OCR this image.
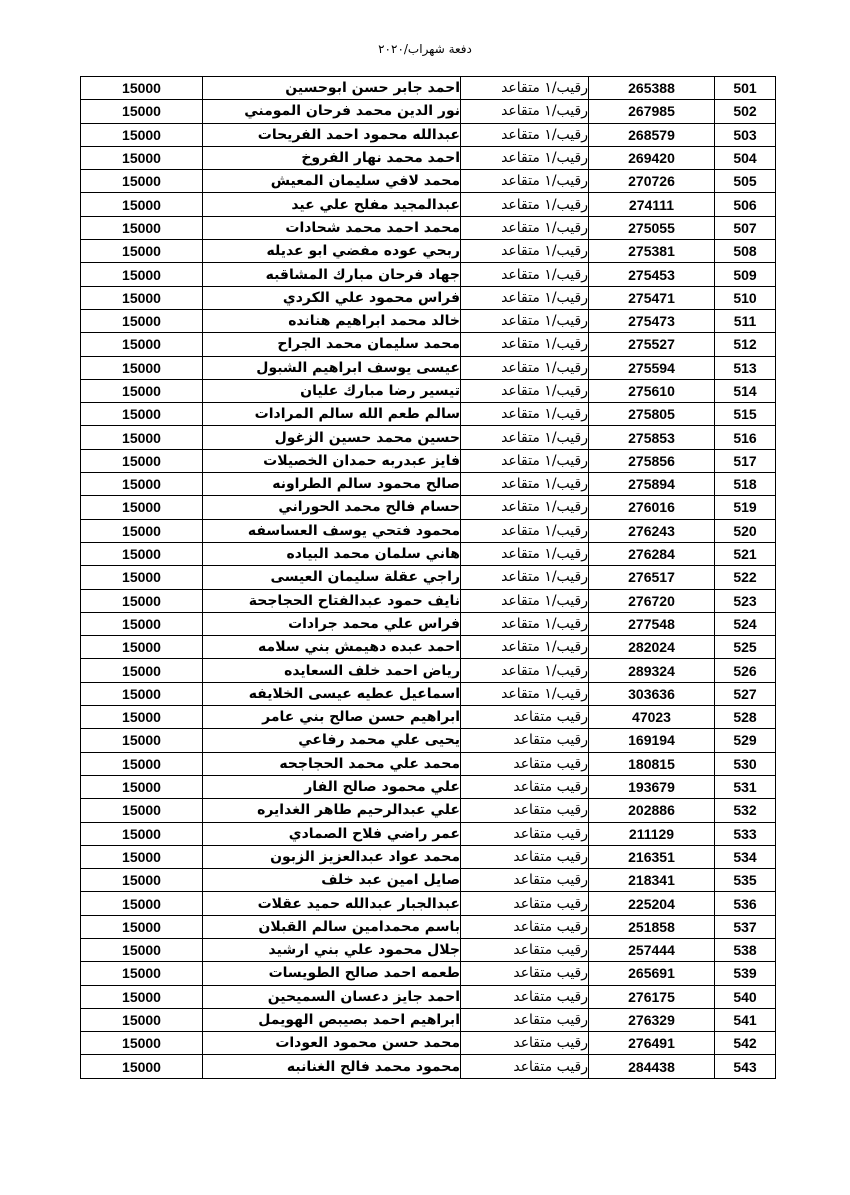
دفعة شهراب/٢٠٢٠
15000	احمد جابر حسن ابوحسين	رقيب/١ متقاعد	265388	501
15000	نور الدين محمد فرحان المومني	رقيب/١ متقاعد	267985	502
15000	عبدالله محمود احمد الفريحات	رقيب/١ متقاعد	268579	503
15000	احمد محمد نهار الفروخ	رقيب/١ متقاعد	269420	504
15000	محمد لافي سليمان المعيش	رقيب/١ متقاعد	270726	505
15000	عبدالمجيد مفلح علي عيد	رقيب/١ متقاعد	274111	506
15000	محمد احمد محمد شحادات	رقيب/١ متقاعد	275055	507
15000	ربحي عوده مفضي ابو عديله	رقيب/١ متقاعد	275381	508
15000	جهاد فرحان مبارك المشاقبه	رقيب/١ متقاعد	275453	509
15000	فراس محمود علي الكردي	رقيب/١ متقاعد	275471	510
15000	خالد محمد ابراهيم هنانده	رقيب/١ متقاعد	275473	511
15000	محمد سليمان محمد الجراح	رقيب/١ متقاعد	275527	512
15000	عيسى يوسف ابراهيم الشبول	رقيب/١ متقاعد	275594	513
15000	تيسير رضا مبارك عليان	رقيب/١ متقاعد	275610	514
15000	سالم طعم الله سالم المرادات	رقيب/١ متقاعد	275805	515
15000	حسين محمد حسين الزغول	رقيب/١ متقاعد	275853	516
15000	فايز عبدربه حمدان الخصيلات	رقيب/١ متقاعد	275856	517
15000	صالح محمود سالم الطراونه	رقيب/١ متقاعد	275894	518
15000	حسام فالح محمد الحوراني	رقيب/١ متقاعد	276016	519
15000	محمود فتحي يوسف العساسفه	رقيب/١ متقاعد	276243	520
15000	هاني سلمان محمد البياده	رقيب/١ متقاعد	276284	521
15000	راجي عقلة سليمان العيسى	رقيب/١ متقاعد	276517	522
15000	نايف حمود عبدالفتاح الحجاجحة	رقيب/١ متقاعد	276720	523
15000	فراس علي محمد جرادات	رقيب/١ متقاعد	277548	524
15000	احمد عبده دهيمش بني سلامه	رقيب/١ متقاعد	282024	525
15000	رياض احمد خلف السعايده	رقيب/١ متقاعد	289324	526
15000	اسماعيل عطيه عيسى الخلايفه	رقيب/١ متقاعد	303636	527
15000	ابراهيم حسن صالح بني عامر	رقيب متقاعد	47023	528
15000	يحيى علي محمد رفاعي	رقيب متقاعد	169194	529
15000	محمد علي محمد الحجاجحه	رقيب متقاعد	180815	530
15000	علي محمود صالح الفار	رقيب متقاعد	193679	531
15000	علي عبدالرحيم طاهر الغدايره	رقيب متقاعد	202886	532
15000	عمر راضي فلاح الصمادي	رقيب متقاعد	211129	533
15000	محمد عواد عبدالعزيز الزبون	رقيب متقاعد	216351	534
15000	صايل امين عبد خلف	رقيب متقاعد	218341	535
15000	عبدالجبار عبدالله حميد عقلات	رقيب متقاعد	225204	536
15000	باسم محمدامين سالم القبلان	رقيب متقاعد	251858	537
15000	جلال محمود علي بني ارشيد	رقيب متقاعد	257444	538
15000	طعمه احمد صالح الطويسات	رقيب متقاعد	265691	539
15000	احمد جايز دعسان السميحين	رقيب متقاعد	276175	540
15000	ابراهيم احمد بصيبص الهويمل	رقيب متقاعد	276329	541
15000	محمد حسن محمود العودات	رقيب متقاعد	276491	542
15000	محمود محمد فالح الغنانبه	رقيب متقاعد	284438	543
